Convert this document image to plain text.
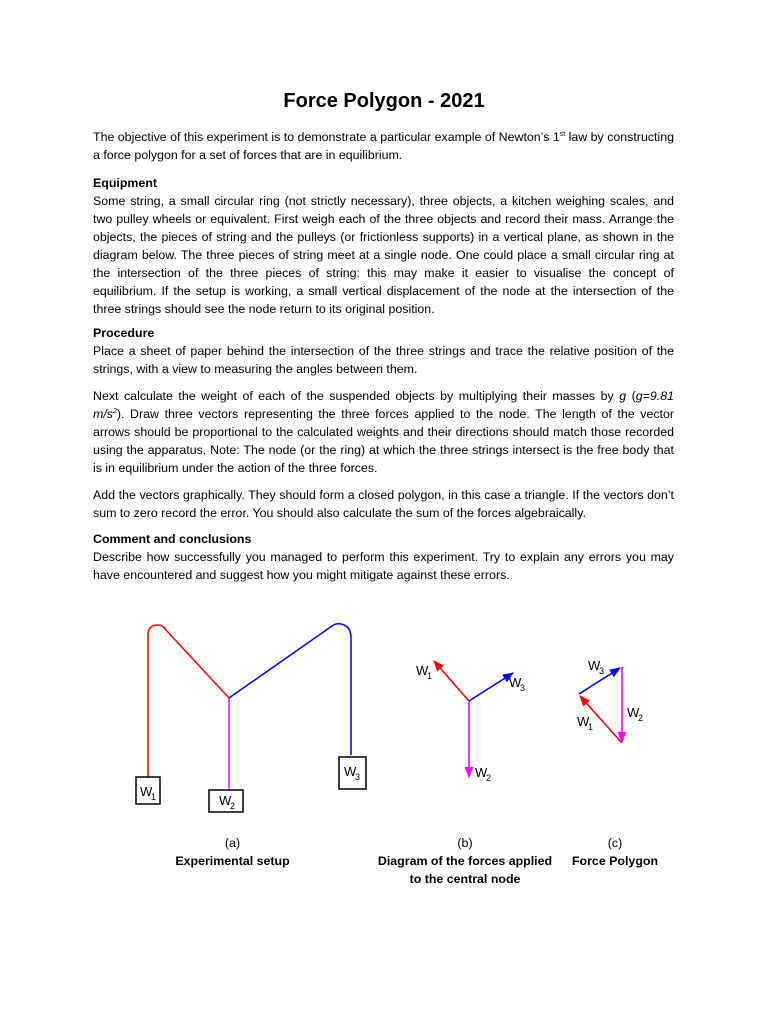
Force Polygon - 2021
The objective of this experiment is to demonstrate a particular example of Newton’s 1st law by constructing a force polygon for a set of forces that are in equilibrium.
Equipment
Some string, a small circular ring (not strictly necessary), three objects, a kitchen weighing scales, and two pulley wheels or equivalent. First weigh each of the three objects and record their mass. Arrange the objects, the pieces of string and the pulleys (or frictionless supports) in a vertical plane, as shown in the diagram below. The three pieces of string meet at a single node. One could place a small circular ring at the intersection of the three pieces of string: this may make it easier to visualise the concept of equilibrium. If the setup is working, a small vertical displacement of the node at the intersection of the three strings should see the node return to its original position.
Procedure
Place a sheet of paper behind the intersection of the three strings and trace the relative position of the strings, with a view to measuring the angles between them.
Next calculate the weight of each of the suspended objects by multiplying their masses by g (g=9.81 $m/s^2$). Draw three vectors representing the three forces applied to the node. The length of the vector arrows should be proportional to the calculated weights and their directions should match those recorded using the apparatus. Note: The node (or the ring) at which the three strings intersect is the free body that is in equilibrium under the action of the three forces.
Add the vectors graphically. They should form a closed polygon, in this case a triangle. If the vectors don’t sum to zero record the error. You should also calculate the sum of the forces algebraically.
Comment and conclusions
Describe how successfully you managed to perform this experiment. Try to explain any errors you may have encountered and suggest how you might mitigate against these errors.
W
1	W
2
W
3
W
1	W
3
W
2
W
3
W
2
W
1
(a)
Experimental setup
(b)
Diagram of the forces applied to the central node
(c)
Force Polygon
